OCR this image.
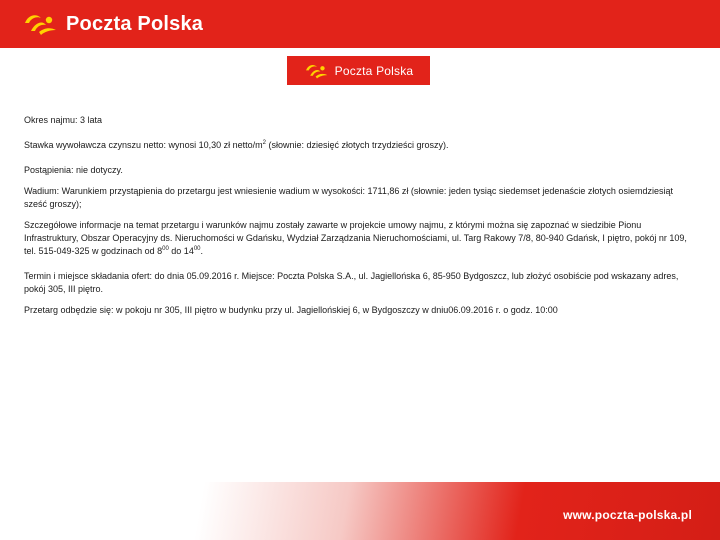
Poczta Polska
Poczta Polska

Okres najmu: 3 lata

Stawka wywoławcza czynszu netto: wynosi 10,30 zł netto/$m^2$ (słownie: dziesięć złotych trzydzieści groszy).

Postąpienia: nie dotyczy.

Wadium: Warunkiem przystąpienia do przetargu jest wniesienie wadium w wysokości: 1711,86 zł (słownie: jeden tysiąc siedemset jedenaście złotych osiemdziesiąt sześć groszy);

Szczegółowe informacje na temat przetargu i warunków najmu zostały zawarte w projekcie umowy najmu, z którymi można się zapoznać w siedzibie Pionu Infrastruktury, Obszar Operacyjny ds. Nieruchomości w Gdańsku, Wydział Zarządzania Nieruchomościami, ul. Targ Rakowy 7/8, 80-940 Gdańsk, I piętro, pokój nr 109, tel. 515-049-325 w godzinach od $8^{00}$ do $14^{00}$.

Termin i miejsce składania ofert: do dnia 05.09.2016 r. Miejsce: Poczta Polska S.A., ul. Jagiellońska 6, 85-950 Bydgoszcz, lub złożyć osobiście pod wskazany adres, pokój 305, III piętro.

Przetarg odbędzie się: w pokoju nr 305, III piętro w budynku przy ul. Jagiellońskiej 6, w Bydgoszczy w dniu06.09.2016 r. o godz. 10:00

www.poczta-polska.pl
